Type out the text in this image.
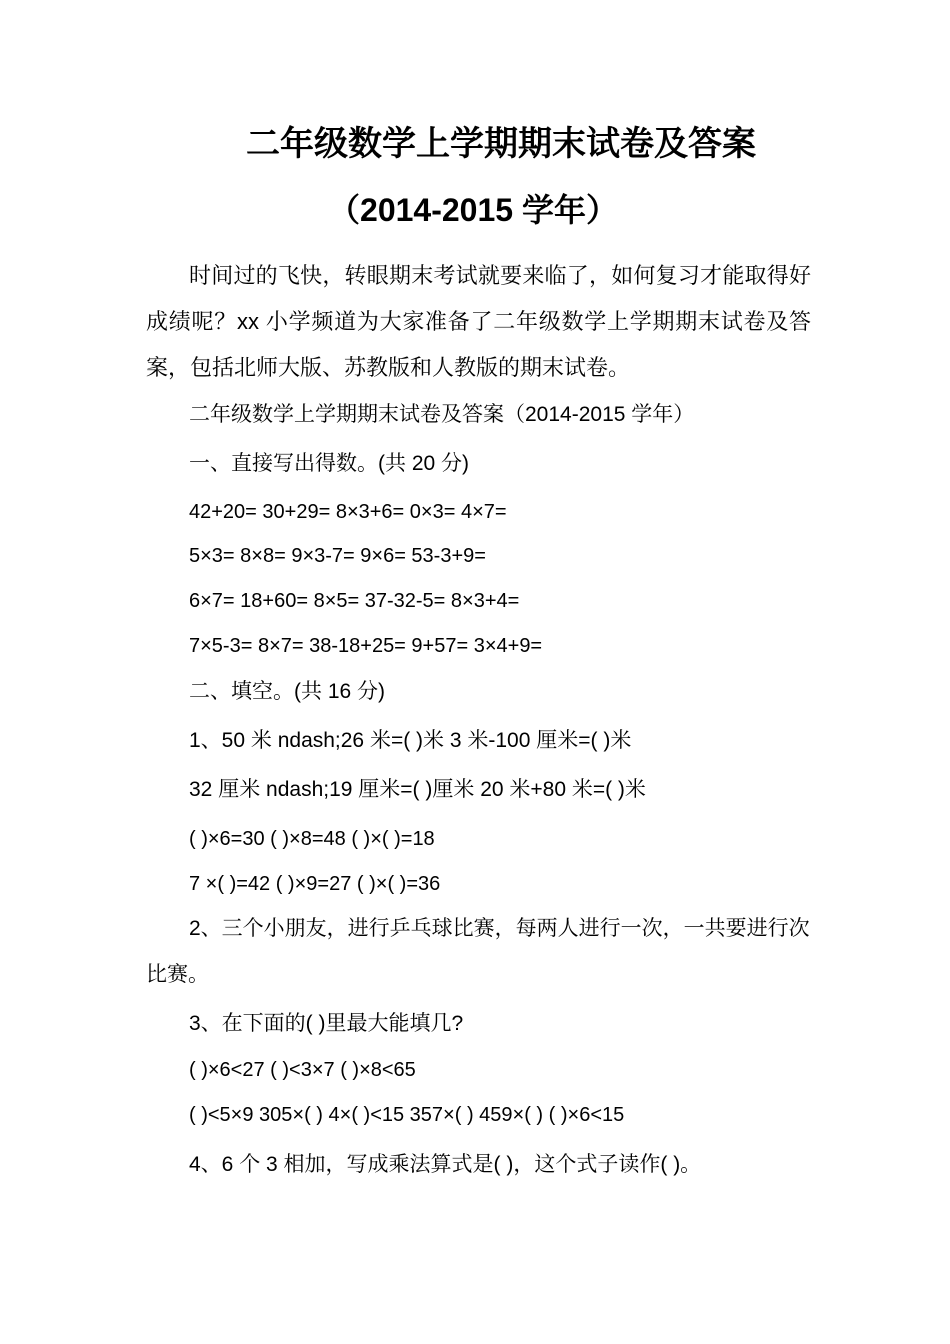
二年级数学上学期期末试卷及答案
（2014-2015 学年）

时间过的飞快，转眼期末考试就要来临了，如何复习才能取得好成绩呢？xx 小学频道为大家准备了二年级数学上学期期末试卷及答案，包括北师大版、苏教版和人教版的期末试卷。

二年级数学上学期期末试卷及答案（2014-2015 学年）

一、直接写出得数。(共 20 分)

42+20= 30+29= 8×3+6= 0×3= 4×7=

5×3= 8×8= 9×3-7= 9×6= 53-3+9=

6×7= 18+60= 8×5= 37-32-5= 8×3+4=

7×5-3= 8×7= 38-18+25= 9+57= 3×4+9=

二、填空。(共 16 分)

1、50 米 ndash;26 米=( )米 3 米-100 厘米=( )米

32 厘米 ndash;19 厘米=( )厘米 20 米+80 米=( )米

( )×6=30 ( )×8=48 ( )×( )=18

7 ×( )=42 ( )×9=27 ( )×( )=36

2、三个小朋友，进行乒乓球比赛，每两人进行一次，一共要进行次比赛。

3、在下面的( )里最大能填几?

( )×6<27 ( )<3×7 ( )×8<65

( )<5×9 305×( ) 4×( )<15 357×( ) 459×( ) ( )×6<15

4、6 个 3 相加，写成乘法算式是( )，这个式子读作( )。
